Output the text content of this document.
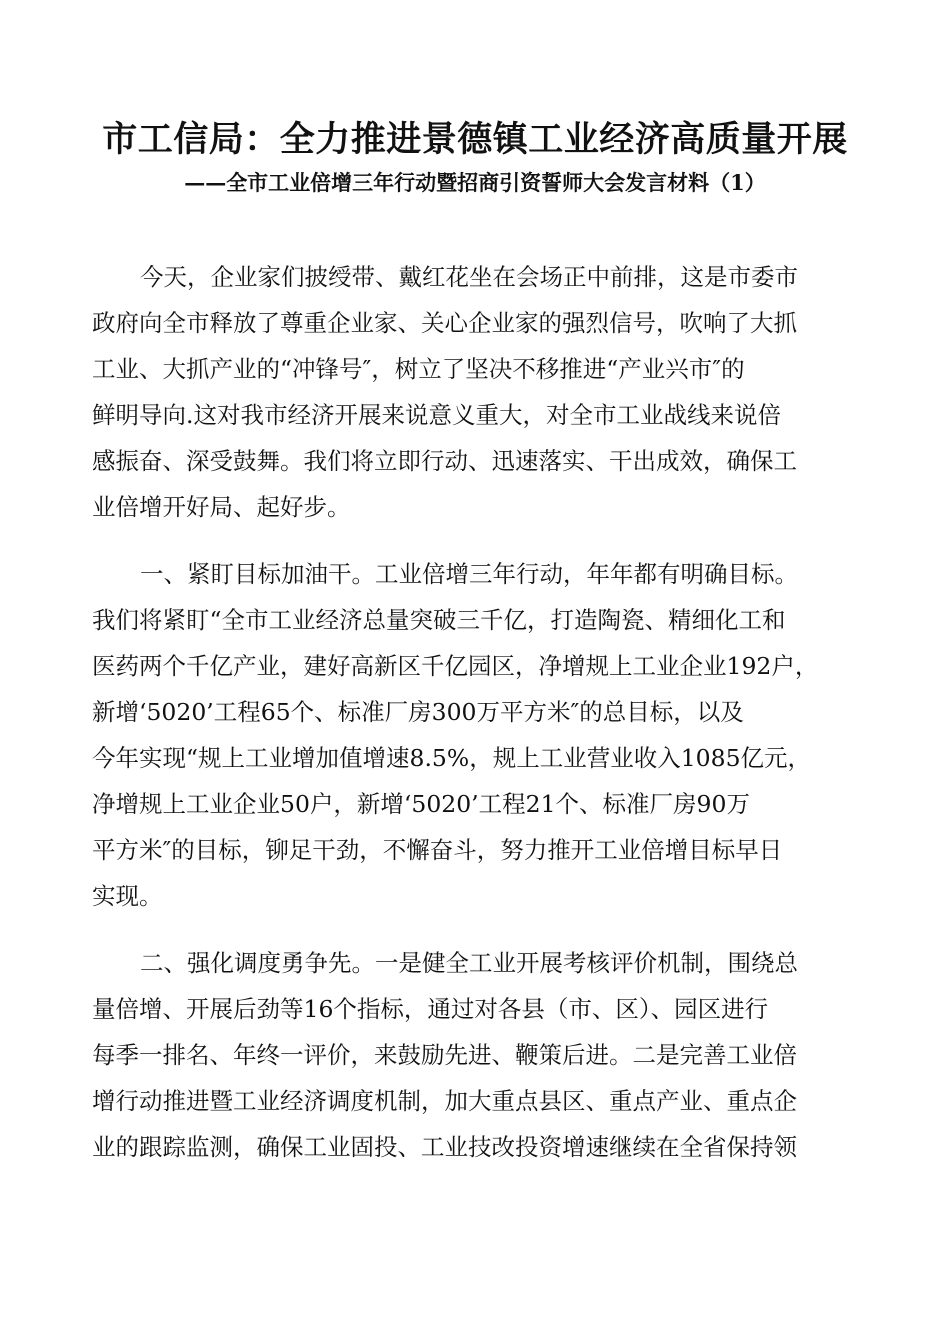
市工信局：全力推进景德镇工业经济高质量开展
——全市工业倍增三年行动暨招商引资誓师大会发言材料（1）

今天，企业家们披绶带、戴红花坐在会场正中前排，这是市委市
政府向全市释放了尊重企业家、关心企业家的强烈信号，吹响了大抓
工业、大抓产业的“冲锋号″，树立了坚决不移推进“产业兴市″的
鲜明导向.这对我市经济开展来说意义重大，对全市工业战线来说倍
感振奋、深受鼓舞。我们将立即行动、迅速落实、干出成效，确保工
业倍增开好局、起好步。

一、紧盯目标加油干。工业倍增三年行动，年年都有明确目标。
我们将紧盯“全市工业经济总量突破三千亿，打造陶瓷、精细化工和
医药两个千亿产业，建好高新区千亿园区，净增规上工业企业192户，
新增‘5020’工程65个、标准厂房300万平方米″的总目标，以及
今年实现“规上工业增加值增速8.5%，规上工业营业收入1085亿元，
净增规上工业企业50户，新增‘5020’工程21个、标准厂房90万
平方米″的目标，铆足干劲，不懈奋斗，努力推开工业倍增目标早日
实现。

二、强化调度勇争先。一是健全工业开展考核评价机制，围绕总
量倍增、开展后劲等16个指标，通过对各县（市、区）、园区进行
每季一排名、年终一评价，来鼓励先进、鞭策后进。二是完善工业倍
增行动推进暨工业经济调度机制，加大重点县区、重点产业、重点企
业的跟踪监测，确保工业固投、工业技改投资增速继续在全省保持领
